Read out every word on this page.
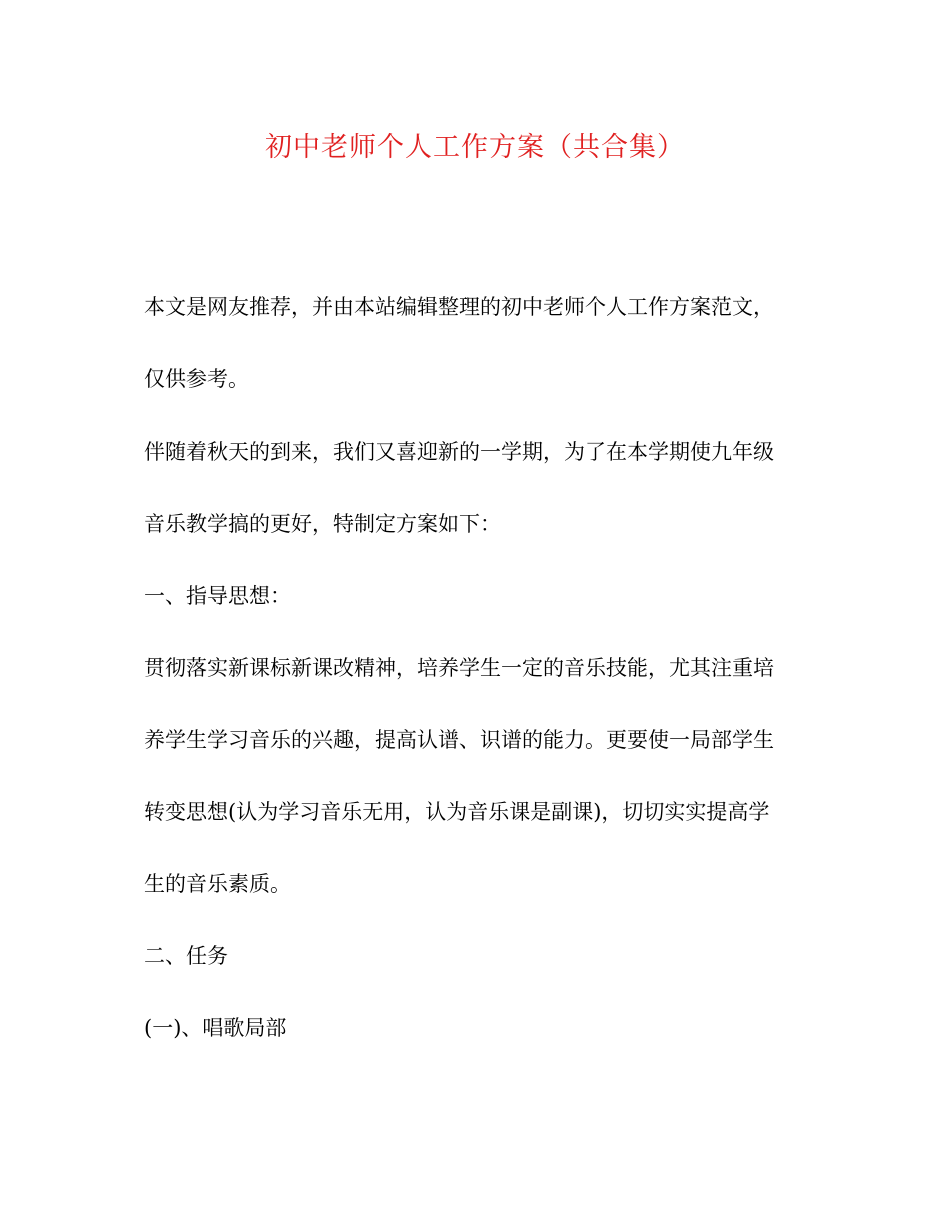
初中老师个人工作方案（共合集）

本文是网友推荐，并由本站编辑整理的初中老师个人工作方案范文，

仅供参考。

伴随着秋天的到来，我们又喜迎新的一学期，为了在本学期使九年级

音乐教学搞的更好，特制定方案如下：

一、指导思想：

贯彻落实新课标新课改精神，培养学生一定的音乐技能，尤其注重培

养学生学习音乐的兴趣，提高认谱、识谱的能力。更要使一局部学生

转变思想(认为学习音乐无用，认为音乐课是副课)，切切实实提高学

生的音乐素质。

二、任务

(一)、唱歌局部
